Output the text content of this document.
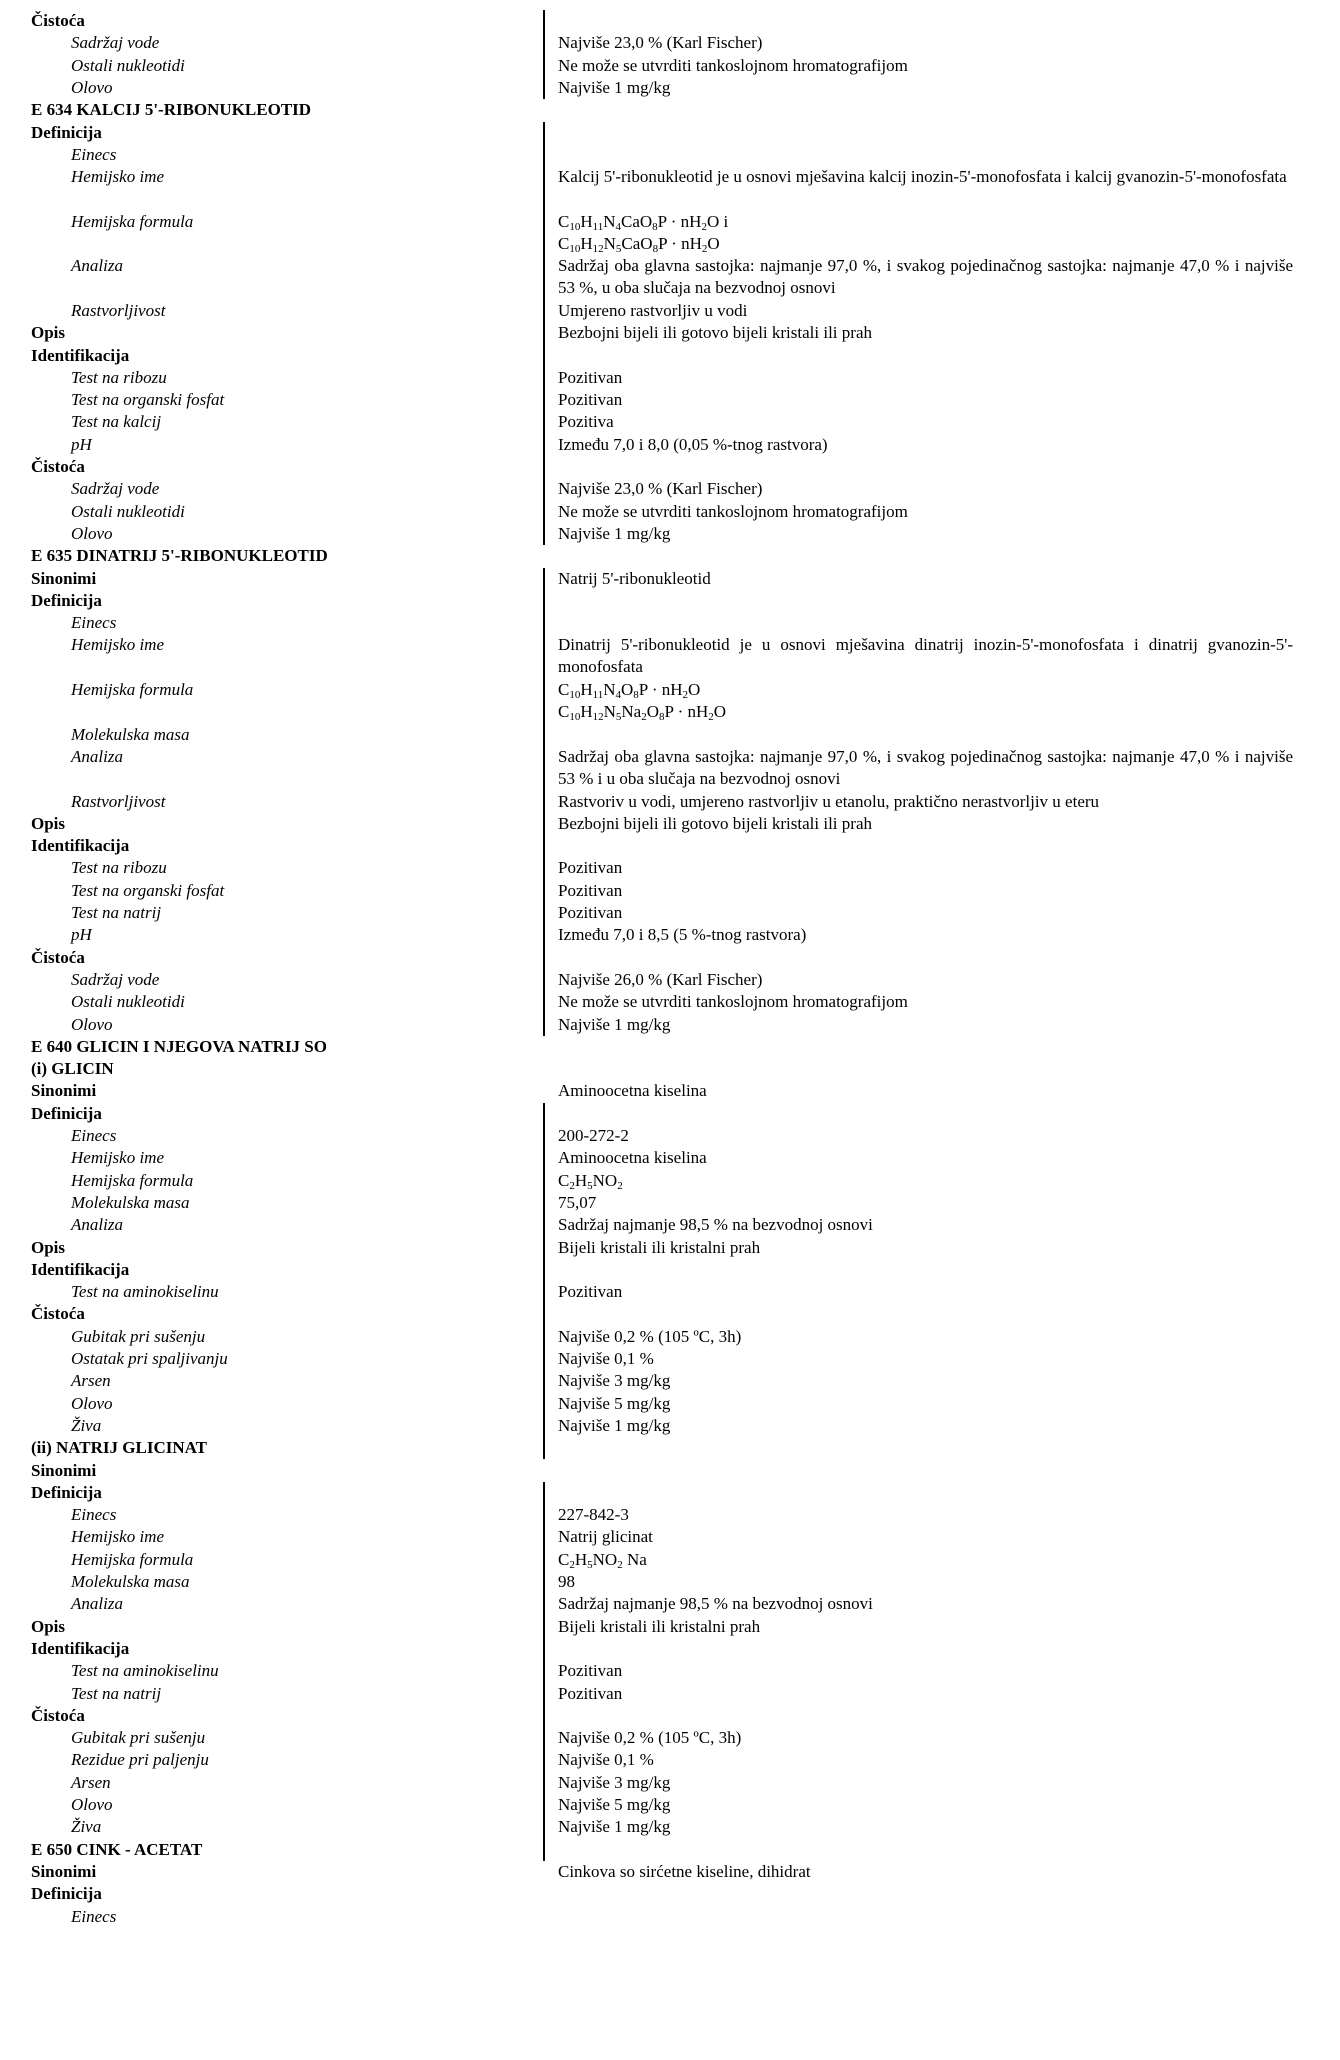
Čistoća
Sadržaj vode	Najviše 23,0 % (Karl Fischer)
Ostali nukleotidi	Ne može se utvrditi tankoslojnom hromatografijom
Olovo	Najviše 1 mg/kg
E 634 KALCIJ 5'-RIBONUKLEOTID
Definicija
Einecs
Hemijsko ime	Kalcij 5'-ribonukleotid je u osnovi mješavina kalcij inozin-5'-monofosfata i kalcij gvanozin-5'-monofosfata
Hemijska formula	$C_{10}H_{11}N_4CaO_8P \cdot nH_2O$ i
$C_{10}H_{12}N_5CaO_8P \cdot nH_2O$
Analiza	Sadržaj oba glavna sastojka: najmanje 97,0 %, i svakog pojedinačnog sastojka: najmanje 47,0 % i najviše 53 %, u oba slučaja na bezvodnoj osnovi
Rastvorljivost	Umjereno rastvorljiv u vodi
Opis	Bezbojni bijeli ili gotovo bijeli kristali ili prah
Identifikacija
Test na ribozu	Pozitivan
Test na organski fosfat	Pozitivan
Test na kalcij	Pozitiva
pH	Između 7,0 i 8,0 (0,05 %-tnog rastvora)
Čistoća
Sadržaj vode	Najviše 23,0 % (Karl Fischer)
Ostali nukleotidi	Ne može se utvrditi tankoslojnom hromatografijom
Olovo	Najviše 1 mg/kg
E 635 DINATRIJ 5'-RIBONUKLEOTID
Sinonimi	Natrij 5'-ribonukleotid
Definicija
Einecs
Hemijsko ime	Dinatrij 5'-ribonukleotid je u osnovi mješavina dinatrij inozin-5'-monofosfata i dinatrij gvanozin-5'-monofosfata
Hemijska formula	$C_{10}H_{11}N_4O_8P \cdot nH_2O$
$C_{10}H_{12}N_5Na_2O_8P \cdot nH_2O$
Molekulska masa
Analiza	Sadržaj oba glavna sastojka: najmanje 97,0 %, i svakog pojedinačnog sastojka: najmanje 47,0 % i najviše 53 % i u oba slučaja na bezvodnoj osnovi
Rastvorljivost	Rastvoriv u vodi, umjereno rastvorljiv u etanolu, praktično nerastvorljiv u eteru
Opis	Bezbojni bijeli ili gotovo bijeli kristali ili prah
Identifikacija
Test na ribozu	Pozitivan
Test na organski fosfat	Pozitivan
Test na natrij	Pozitivan
pH	Između 7,0 i 8,5 (5 %-tnog rastvora)
Čistoća
Sadržaj vode	Najviše 26,0 % (Karl Fischer)
Ostali nukleotidi	Ne može se utvrditi tankoslojnom hromatografijom
Olovo	Najviše 1 mg/kg
E 640 GLICIN I NJEGOVA NATRIJ SO
(i) GLICIN
Sinonimi	Aminoocetna kiselina
Definicija
Einecs	200-272-2
Hemijsko ime	Aminoocetna kiselina
Hemijska formula	$C_2H_5NO_2$
Molekulska masa	75,07
Analiza	Sadržaj najmanje 98,5 % na bezvodnoj osnovi
Opis	Bijeli kristali ili kristalni prah
Identifikacija
Test na aminokiselinu	Pozitivan
Čistoća
Gubitak pri sušenju	Najviše 0,2 % (105 ºC, 3h)
Ostatak pri spaljivanju	Najviše 0,1 %
Arsen	Najviše 3 mg/kg
Olovo	Najviše 5 mg/kg
Živa	Najviše 1 mg/kg
(ii) NATRIJ GLICINAT
Sinonimi
Definicija
Einecs	227-842-3
Hemijsko ime	Natrij glicinat
Hemijska formula	$C_2H_5NO_2$ Na
Molekulska masa	98
Analiza	Sadržaj najmanje 98,5 % na bezvodnoj osnovi
Opis	Bijeli kristali ili kristalni prah
Identifikacija
Test na aminokiselinu	Pozitivan
Test na natrij	Pozitivan
Čistoća
Gubitak pri sušenju	Najviše 0,2 % (105 ºC, 3h)
Rezidue pri paljenju	Najviše 0,1 %
Arsen	Najviše 3 mg/kg
Olovo	Najviše 5 mg/kg
Živa	Najviše 1 mg/kg
E 650 CINK - ACETAT
Sinonimi	Cinkova so sirćetne kiseline, dihidrat
Definicija
Einecs
